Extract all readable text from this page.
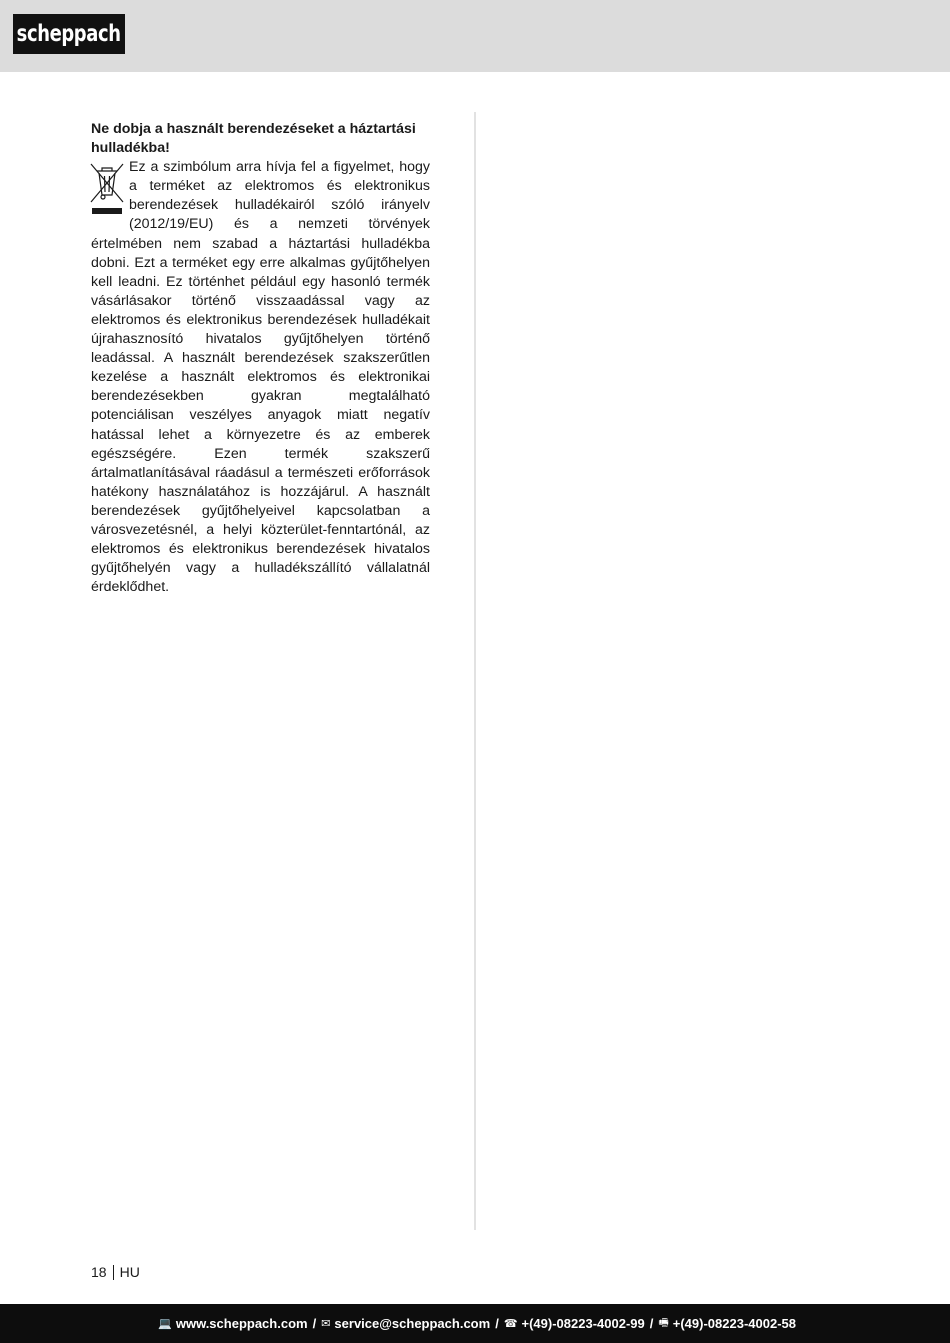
scheppach

Ne dobja a használt berendezéseket a háztartási hulladékba!

Ez a szimbólum arra hívja fel a figyelmet, hogy a terméket az elektromos és elektronikus berendezések hulladékairól szóló irányelv (2012/19/EU) és a nemzeti törvények értelmében nem szabad a háztartási hulladékba dobni. Ezt a terméket egy erre alkalmas gyűjtőhelyen kell leadni. Ez történhet például egy hasonló termék vásárlásakor történő visszaadással vagy az elektromos és elektronikus berendezések hulladékait újrahasznosító hivatalos gyűjtőhelyen történő leadással. A használt berendezések szakszerűtlen kezelése a használt elektromos és elektronikai berendezésekben gyakran megtalálható potenciálisan veszélyes anyagok miatt negatív hatással lehet a környezetre és az emberek egészségére. Ezen termék szakszerű ártalmatlanításával ráadásul a természeti erőforrások hatékony használatához is hozzájárul. A használt berendezések gyűjtőhelyeivel kapcsolatban a városvezetésnél, a helyi közterület-fenntartónál, az elektromos és elektronikus berendezések hivatalos gyűjtőhelyén vagy a hulladékszállító vállalatnál érdeklődhet.

18 HU
💻 www.scheppach.com / ✉ service@scheppach.com / ☎ +(49)-08223-4002-99 / 🖷 +(49)-08223-4002-58
